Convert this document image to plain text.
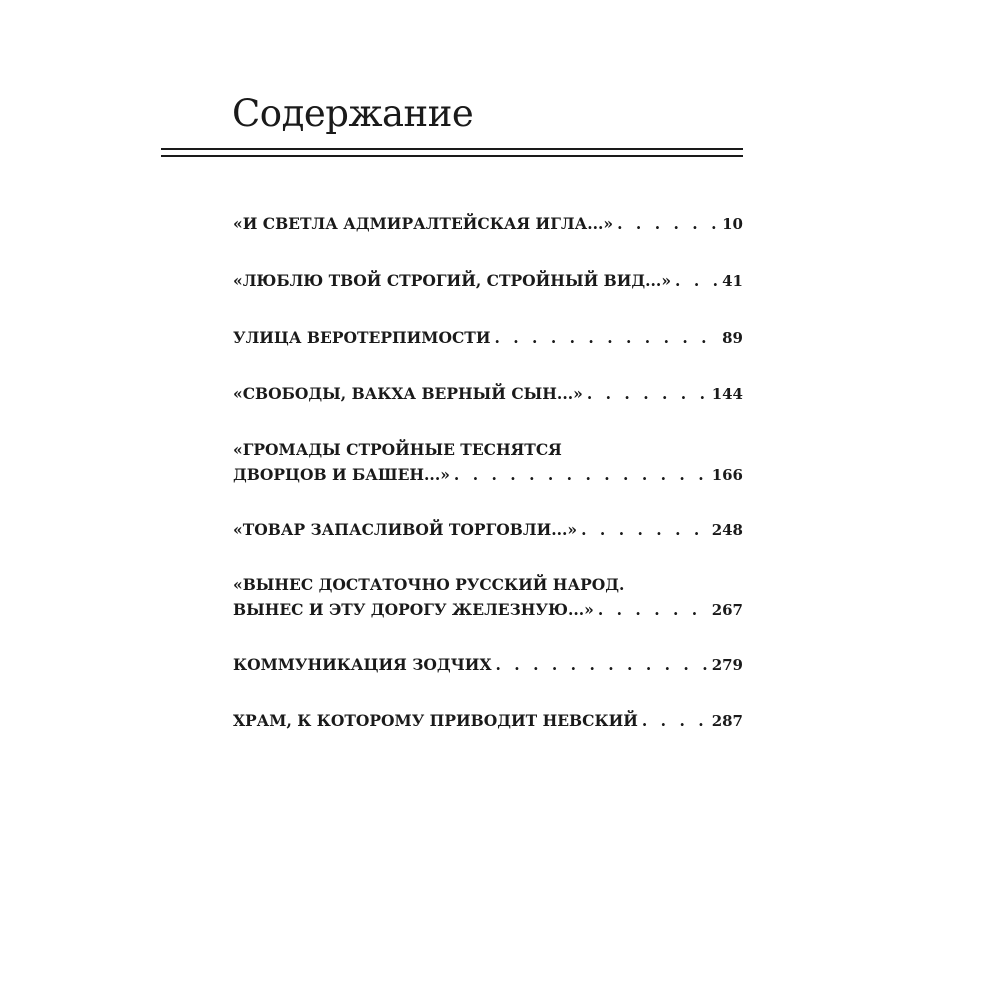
Содержание
«И СВЕТЛА АДМИРАЛТЕЙСКАЯ ИГЛА...» . . .	10
«ЛЮБЛЮ ТВОЙ СТРОГИЙ, СТРОЙНЫЙ ВИД...» . . .	41
УЛИЦА ВЕРОТЕРПИМОСТИ . . .	89
«СВОБОДЫ, ВАКХА ВЕРНЫЙ СЫН...» . . .	144
«ГРОМАДЫ СТРОЙНЫЕ ТЕСНЯТСЯ
ДВОРЦОВ И БАШЕН...» . . .	166
«ТОВАР ЗАПАСЛИВОЙ ТОРГОВЛИ...» . . .	248
«ВЫНЕС ДОСТАТОЧНО РУССКИЙ НАРОД.
ВЫНЕС И ЭТУ ДОРОГУ ЖЕЛЕЗНУЮ...» . . .	267
КОММУНИКАЦИЯ ЗОДЧИХ . . .	279
ХРАМ, К КОТОРОМУ ПРИВОДИТ НЕВСКИЙ . . .	287
